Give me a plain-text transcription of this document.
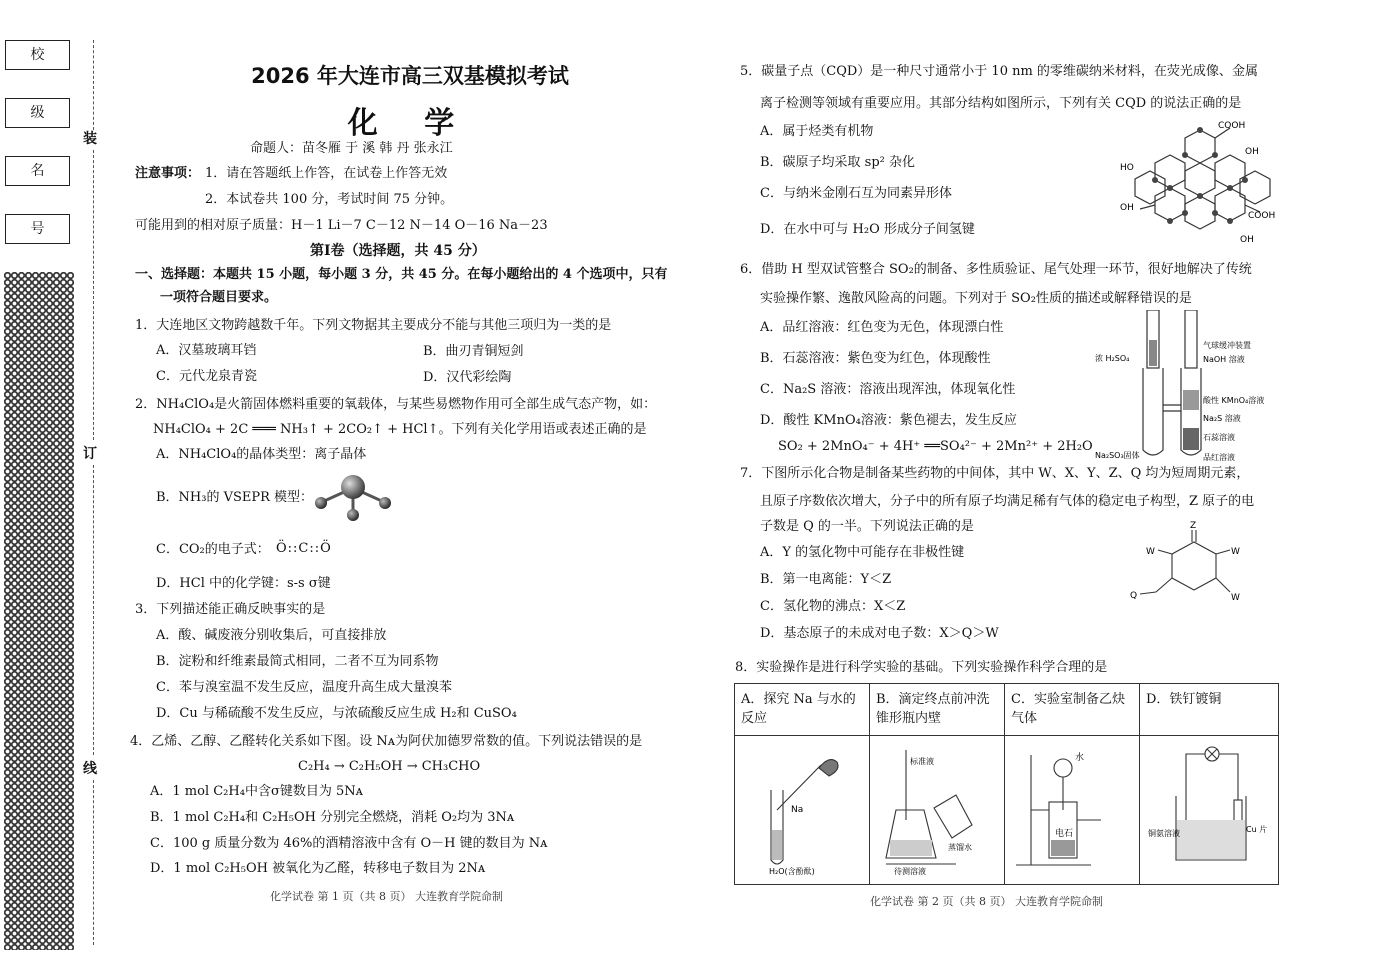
校
级
名
号
装
订
线
2026 年大连市高三双基模拟考试
化 学
命题人：苗冬雁 于 溪 韩 丹 张永江
注意事项： 1．请在答题纸上作答，在试卷上作答无效
2．本试卷共 100 分，考试时间 75 分钟。
可能用到的相对原子质量：H－1 Li－7 C－12 N－14 O－16 Na－23
第Ⅰ卷（选择题，共 45 分）
一、选择题：本题共 15 小题，每小题 3 分，共 45 分。在每小题给出的 4 个选项中，只有
一项符合题目要求。
1．大连地区文物跨越数千年。下列文物据其主要成分不能与其他三项归为一类的是
A．汉墓玻璃耳铛	B．曲刃青铜短剑
C．元代龙泉青瓷	D．汉代彩绘陶
2．NH₄ClO₄是火箭固体燃料重要的氧载体，与某些易燃物作用可全部生成气态产物，如：
NH₄ClO₄ + 2C ═══ NH₃↑ + 2CO₂↑ + HCl↑。下列有关化学用语或表述正确的是
A．NH₄ClO₄的晶体类型：离子晶体
B．NH₃的 VSEPR 模型：
C．CO₂的电子式： Ö::C::Ö
D．HCl 中的化学键：s-s σ键
3．下列描述能正确反映事实的是
A．酸、碱废液分别收集后，可直接排放
B．淀粉和纤维素最简式相同，二者不互为同系物
C．苯与溴室温不发生反应，温度升高生成大量溴苯
D．Cu 与稀硫酸不发生反应，与浓硫酸反应生成 H₂和 CuSO₄
4．乙烯、乙醇、乙醛转化关系如下图。设 Nᴀ为阿伏加德罗常数的值。下列说法错误的是
C₂H₄ → C₂H₅OH → CH₃CHO
A．1 mol C₂H₄中含σ键数目为 5Nᴀ
B．1 mol C₂H₄和 C₂H₅OH 分别完全燃烧，消耗 O₂均为 3Nᴀ
C．100 g 质量分数为 46%的酒精溶液中含有 O－H 键的数目为 Nᴀ
D．1 mol C₂H₅OH 被氧化为乙醛，转移电子数目为 2Nᴀ
化学试卷 第 1 页（共 8 页） 大连教育学院命制
5．碳量子点（CQD）是一种尺寸通常小于 10 nm 的零维碳纳米材料，在荧光成像、金属
离子检测等领域有重要应用。其部分结构如图所示，下列有关 CQD 的说法正确的是
A．属于烃类有机物
B．碳原子均采取 sp² 杂化
C．与纳米金刚石互为同素异形体
D．在水中可与 H₂O 形成分子间氢键
COOH
HO
OH
COOH
OH
OH
6．借助 H 型双试管整合 SO₂的制备、多性质验证、尾气处理一环节，很好地解决了传统
实验操作繁、逸散风险高的问题。下列对于 SO₂性质的描述或解释错误的是
A．品红溶液：红色变为无色，体现漂白性
B．石蕊溶液：紫色变为红色，体现酸性
C．Na₂S 溶液：溶液出现浑浊，体现氧化性
D．酸性 KMnO₄溶液：紫色褪去，发生反应
SO₂ + 2MnO₄⁻ + 4H⁺ ══SO₄²⁻ + 2Mn²⁺ + 2H₂O
气球缓冲装置
浓 H₂SO₄	NaOH 溶液
酸性 KMnO₄溶液
Na₂S 溶液
石蕊溶液
Na₂SO₃固体	品红溶液
7．下图所示化合物是制备某些药物的中间体，其中 W、X、Y、Z、Q 均为短周期元素，
且原子序数依次增大，分子中的所有原子均满足稀有气体的稳定电子构型，Z 原子的电
子数是 Q 的一半。下列说法正确的是
A．Y 的氢化物中可能存在非极性键
B．第一电离能：Y＜Z
C．氢化物的沸点：X＜Z
D．基态原子的未成对电子数：X＞Q＞W
Z
W	W
W
Q
8．实验操作是进行科学实验的基础。下列实验操作科学合理的是
A．探究 Na 与水的反应	B．滴定终点前冲洗锥形瓶内壁	C．实验室制备乙炔气体	D．铁钉镀铜

Na
H₂O(含酚酞)	标准液
蒸馏水
待测溶液	水
电石	铜氨溶液 Cu 片
化学试卷 第 2 页（共 8 页） 大连教育学院命制
